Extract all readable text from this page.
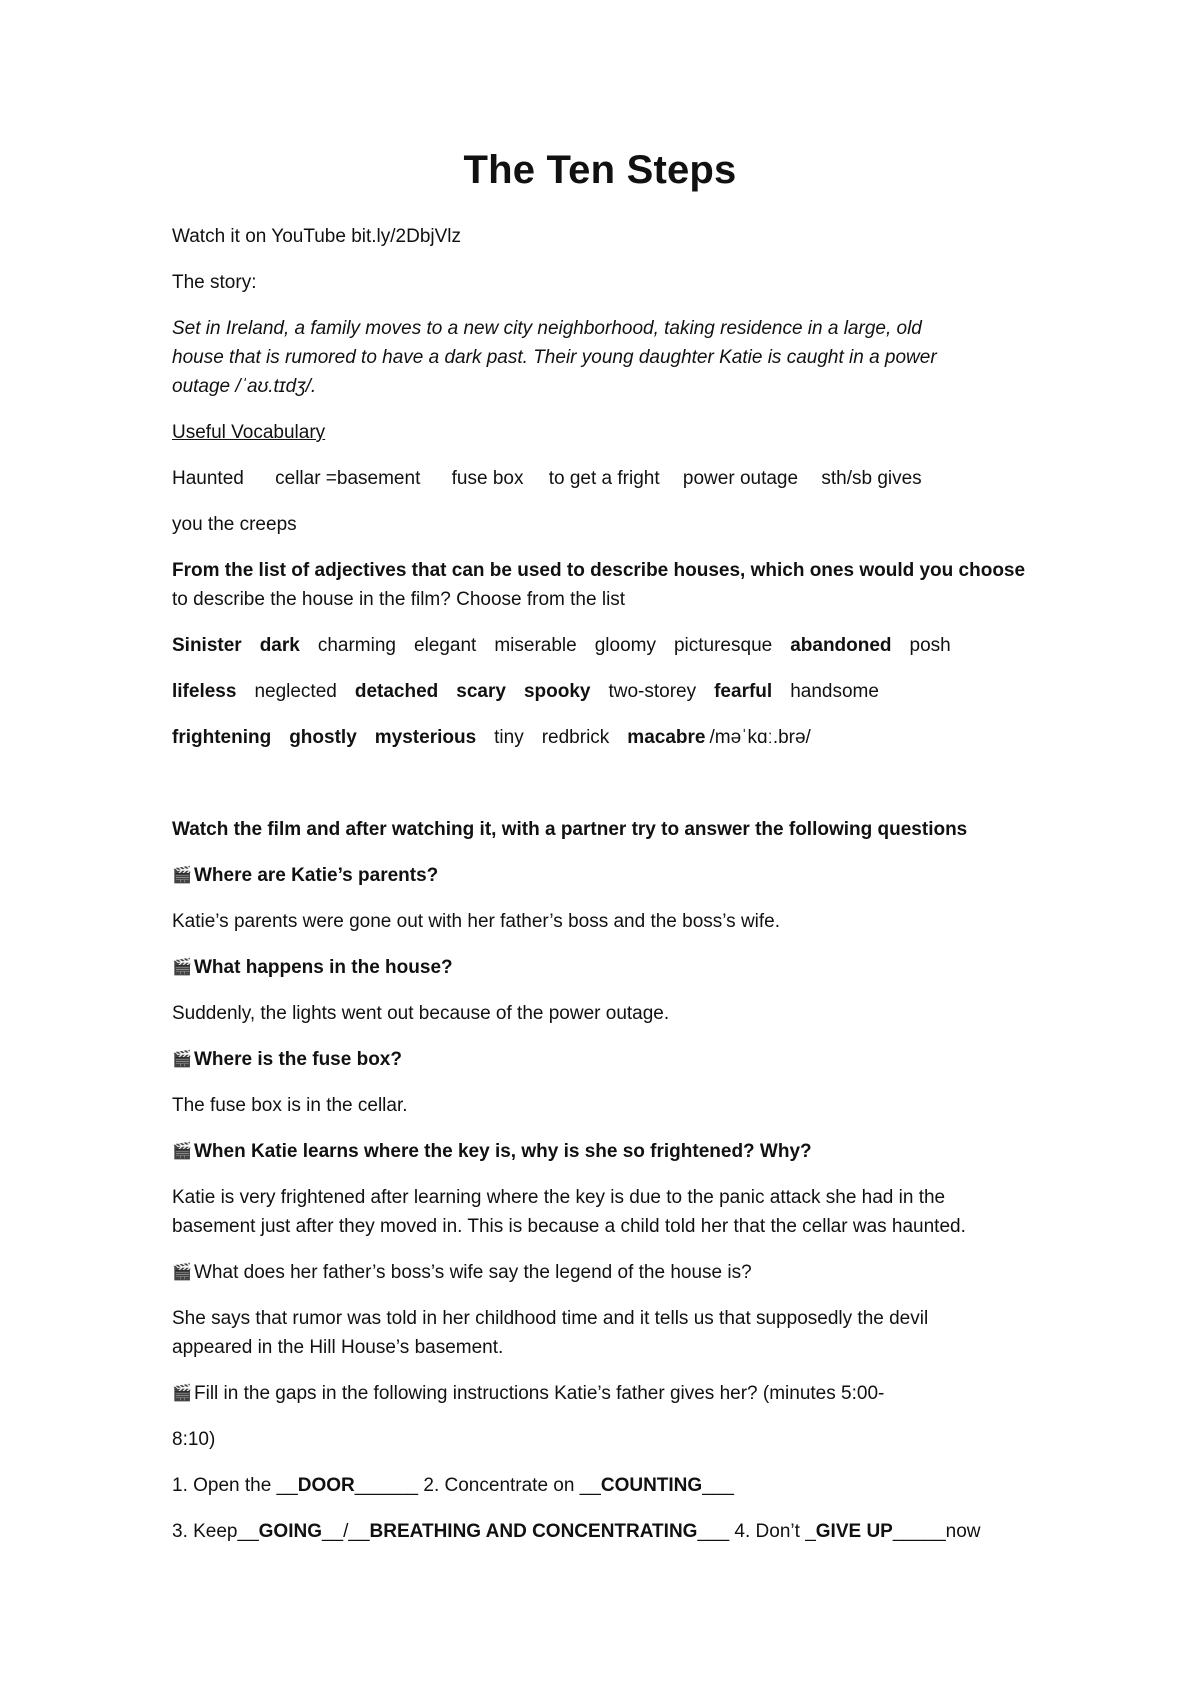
The Ten Steps
Watch it on YouTube bit.ly/2DbjVlz
The story:
Set in Ireland, a family moves to a new city neighborhood, taking residence in a large, old
house that is rumored to have a dark past. Their young daughter Katie is caught in a power
outage /ˈaʊ.tɪdʒ/.
Useful Vocabulary
Haunted cellar =basement fuse box to get a fright power outage sth/sb gives
you the creeps
From the list of adjectives that can be used to describe houses, which ones would you choose
to describe the house in the film? Choose from the list
Sinister dark charming elegant miserable gloomy picturesque abandoned posh
lifeless neglected detached scary spooky two-storey fearful handsome
frightening ghostly mysterious tiny redbrick macabre /məˈkɑː.brə/
Watch the film and after watching it, with a partner try to answer the following questions
🎬 Where are Katie’s parents?
Katie’s parents were gone out with her father’s boss and the boss’s wife.
🎬 What happens in the house?
Suddenly, the lights went out because of the power outage.
🎬 Where is the fuse box?
The fuse box is in the cellar.
🎬 When Katie learns where the key is, why is she so frightened? Why?
Katie is very frightened after learning where the key is due to the panic attack she had in the
basement just after they moved in. This is because a child told her that the cellar was haunted.
🎬 What does her father’s boss’s wife say the legend of the house is?
She says that rumor was told in her childhood time and it tells us that supposedly the devil
appeared in the Hill House’s basement.
🎬 Fill in the gaps in the following instructions Katie’s father gives her? (minutes 5:00-
8:10)
1. Open the __DOOR______ 2. Concentrate on __COUNTING___
3. Keep__GOING__/__BREATHING AND CONCENTRATING___ 4. Don’t _GIVE UP_____now
